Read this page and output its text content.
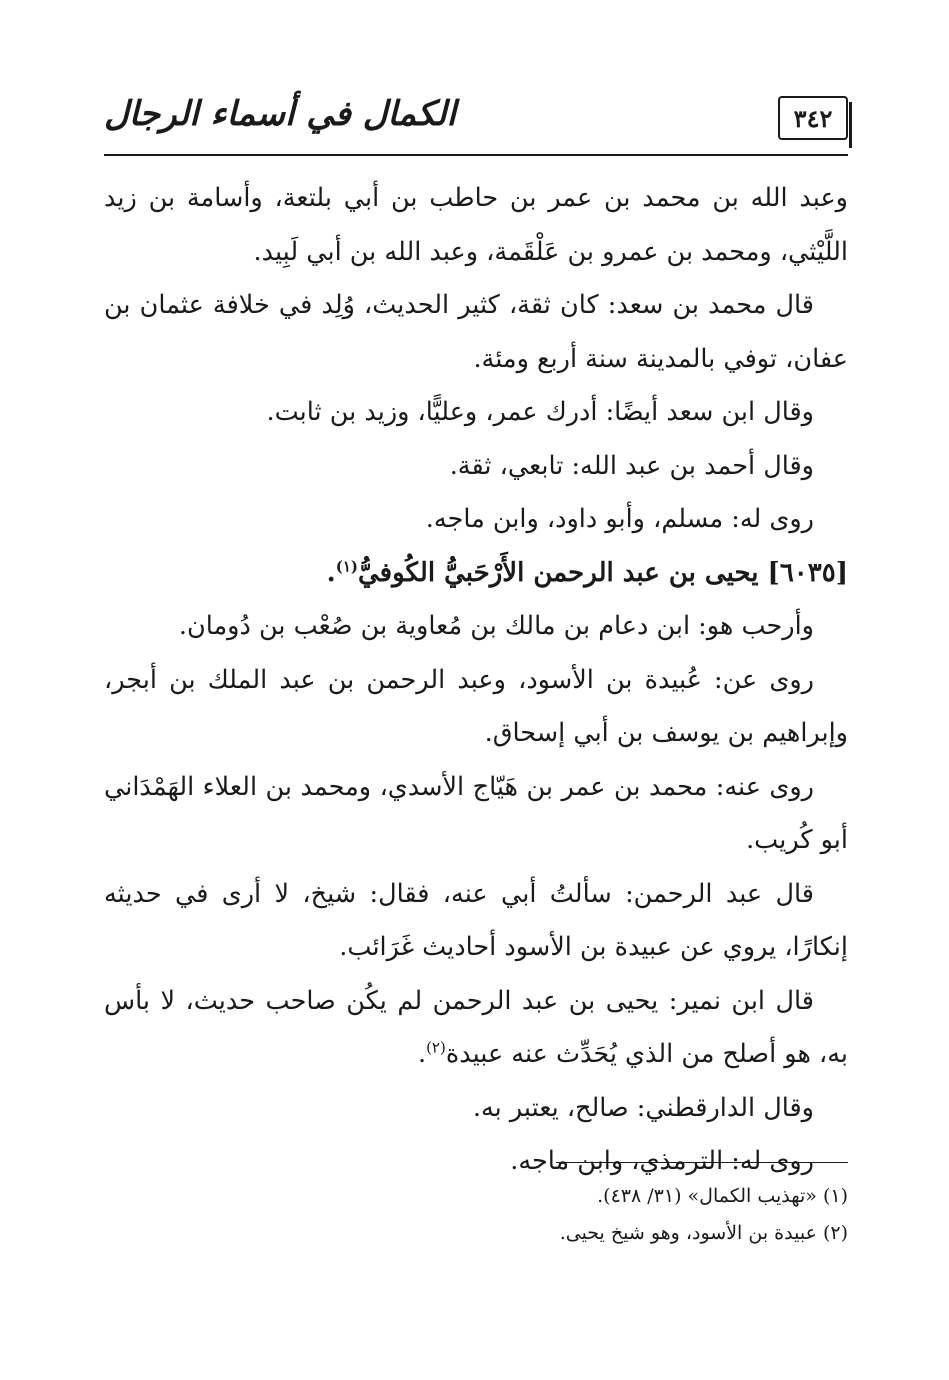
٣٤٢
الكمال في أسماء الرجال

وعبد الله بن محمد بن عمر بن حاطب بن أبي بلتعة، وأسامة بن زيد اللَّيْثي، ومحمد بن عمرو بن عَلْقَمة، وعبد الله بن أبي لَبِيد.

قال محمد بن سعد: كان ثقة، كثير الحديث، وُلِد في خلافة عثمان بن عفان، توفي بالمدينة سنة أربع ومئة.

وقال ابن سعد أيضًا: أدرك عمر، وعليًّا، وزيد بن ثابت.

وقال أحمد بن عبد الله: تابعي، ثقة.

روى له: مسلم، وأبو داود، وابن ماجه.

[٦٠٣٥] يحيى بن عبد الرحمن الأَرْحَبيُّ الكُوفيُّ$^{(١)}$.

وأرحب هو: ابن دعام بن مالك بن مُعاوية بن صُعْب بن دُومان.

روى عن: عُبيدة بن الأسود، وعبد الرحمن بن عبد الملك بن أبجر، وإبراهيم بن يوسف بن أبي إسحاق.

روى عنه: محمد بن عمر بن هَيّاج الأسدي، ومحمد بن العلاء الهَمْدَاني أبو كُريب.

قال عبد الرحمن: سألتُ أبي عنه، فقال: شيخ، لا أرى في حديثه إنكارًا، يروي عن عبيدة بن الأسود أحاديث غَرَائب.

قال ابن نمير: يحيى بن عبد الرحمن لم يكُن صاحب حديث، لا بأس به، هو أصلح من الذي يُحَدِّث عنه عبيدة$^{(٢)}$.

وقال الدارقطني: صالح، يعتبر به.

روى له: الترمذي، وابن ماجه.

(١) «تهذيب الكمال» (٣١/ ٤٣٨).

(٢) عبيدة بن الأسود، وهو شيخ يحيى.
